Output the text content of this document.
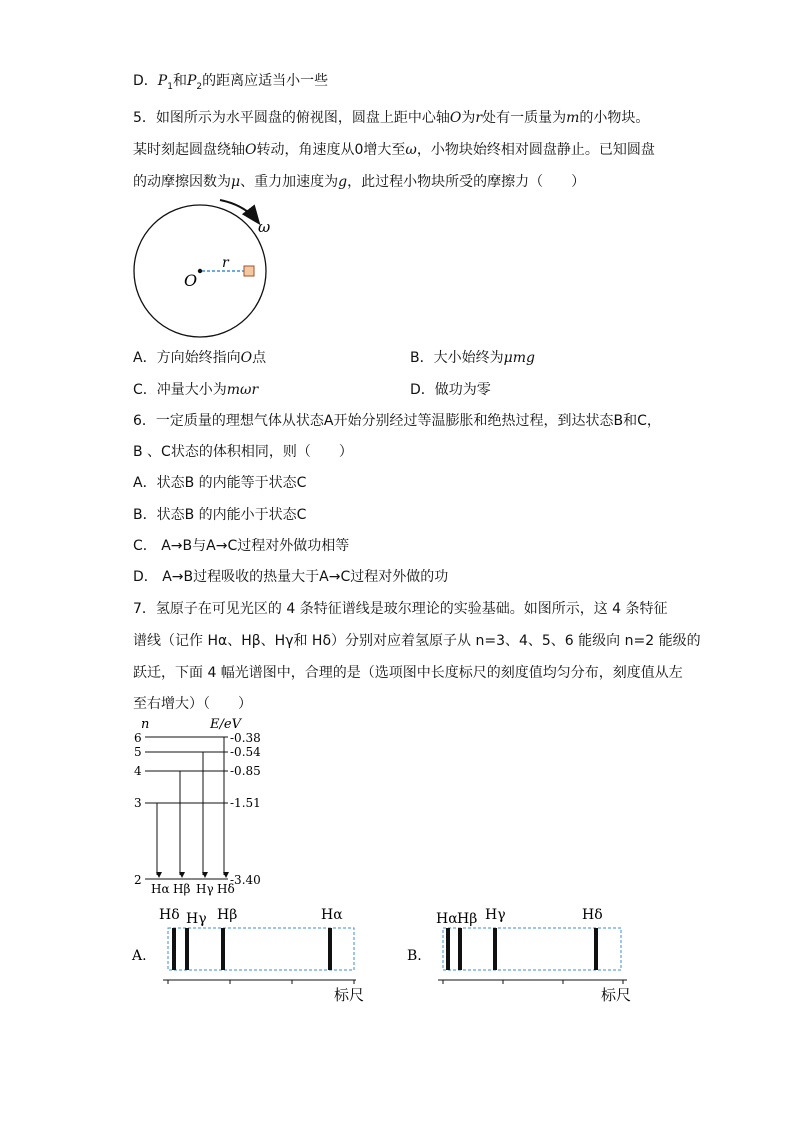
D．$P_1$和$P_2$的距离应适当小一些
5．如图所示为水平圆盘的俯视图，圆盘上距中心轴O为r处有一质量为m的小物块。
某时刻起圆盘绕轴O转动，角速度从0增大至ω，小物块始终相对圆盘静止。已知圆盘
的动摩擦因数为μ、重力加速度为g，此过程小物块所受的摩擦力（　　）
ω
r
O
A．方向始终指向O点	B．大小始终为μmg
C．冲量大小为mωr	D．做功为零
6．一定质量的理想气体从状态A开始分别经过等温膨胀和绝热过程，到达状态B和C，
B 、C状态的体积相同，则（　　）
A．状态B 的内能等于状态C
B．状态B 的内能小于状态C
C． A→B与A→C过程对外做功相等
D． A→B过程吸收的热量大于A→C过程对外做的功
7．氢原子在可见光区的 4 条特征谱线是玻尔理论的实验基础。如图所示，这 4 条特征
谱线（记作 Hα、Hβ、Hγ和 Hδ）分别对应着氢原子从 n=3、4、5、6 能级向 n=2 能级的
跃迁，下面 4 幅光谱图中，合理的是（选项图中长度标尺的刻度值均匀分布，刻度值从左
至右增大）（　　）
n	E/eV
6
5
4
3
2
-0.38
-0.54
-0.85
-1.51
-3.40
Hα Hβ Hγ Hδ
A.
Hδ Hγ Hβ	Hα
标尺
B.
Hα Hβ Hγ	Hδ
标尺
